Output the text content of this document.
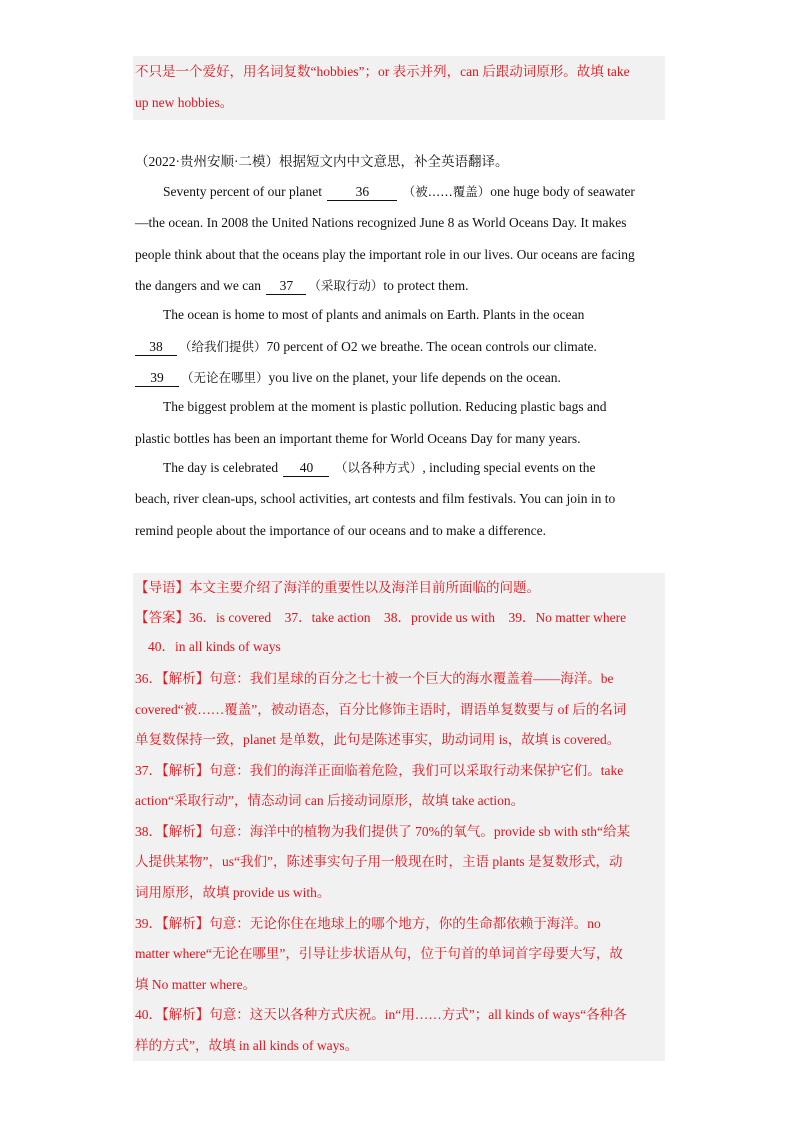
不只是一个爱好，用名词复数“hobbies”；or 表示并列，can 后跟动词原形。故填 take
up new hobbies。
（2022·贵州安顺·二模）根据短文内中文意思，补全英语翻译。
Seventy percent of our planet 36	（被……覆盖）one huge body of seawater
—the ocean. In 2008 the United Nations recognized June 8 as World Oceans Day. It makes
people think about that the oceans play the important role in our lives. Our oceans are facing
the dangers and we can 37 （采取行动）to protect them.
The ocean is home to most of plants and animals on Earth. Plants in the ocean
38 （给我们提供）70 percent of O2 we breathe. The ocean controls our climate.
39 （无论在哪里）you live on the planet, your life depends on the ocean.
The biggest problem at the moment is plastic pollution. Reducing plastic bags and
plastic bottles has been an important theme for World Oceans Day for many years.
The day is celebrated 40 （以各种方式）, including special events on the
beach, river clean-ups, school activities, art contests and film festivals. You can join in to
remind people about the importance of our oceans and to make a difference.
【导语】本文主要介绍了海洋的重要性以及海洋目前所面临的问题。
【答案】36．is covered　37．take action　38．provide us with　39．No matter where
40．in all kinds of ways
36．【解析】句意：我们星球的百分之七十被一个巨大的海水覆盖着——海洋。be
covered“被……覆盖”，被动语态，百分比修饰主语时，谓语单复数要与 of 后的名词
单复数保持一致，planet 是单数，此句是陈述事实，助动词用 is，故填 is covered。
37．【解析】句意：我们的海洋正面临着危险，我们可以采取行动来保护它们。take
action“采取行动”，情态动词 can 后接动词原形，故填 take action。
38．【解析】句意：海洋中的植物为我们提供了 70%的氧气。provide sb with sth“给某
人提供某物”，us“我们”，陈述事实句子用一般现在时，主语 plants 是复数形式，动
词用原形，故填 provide us with。
39．【解析】句意：无论你住在地球上的哪个地方，你的生命都依赖于海洋。no
matter where“无论在哪里”，引导让步状语从句，位于句首的单词首字母要大写，故
填 No matter where。
40．【解析】句意：这天以各种方式庆祝。in“用……方式”；all kinds of ways“各种各
样的方式”，故填 in all kinds of ways。
